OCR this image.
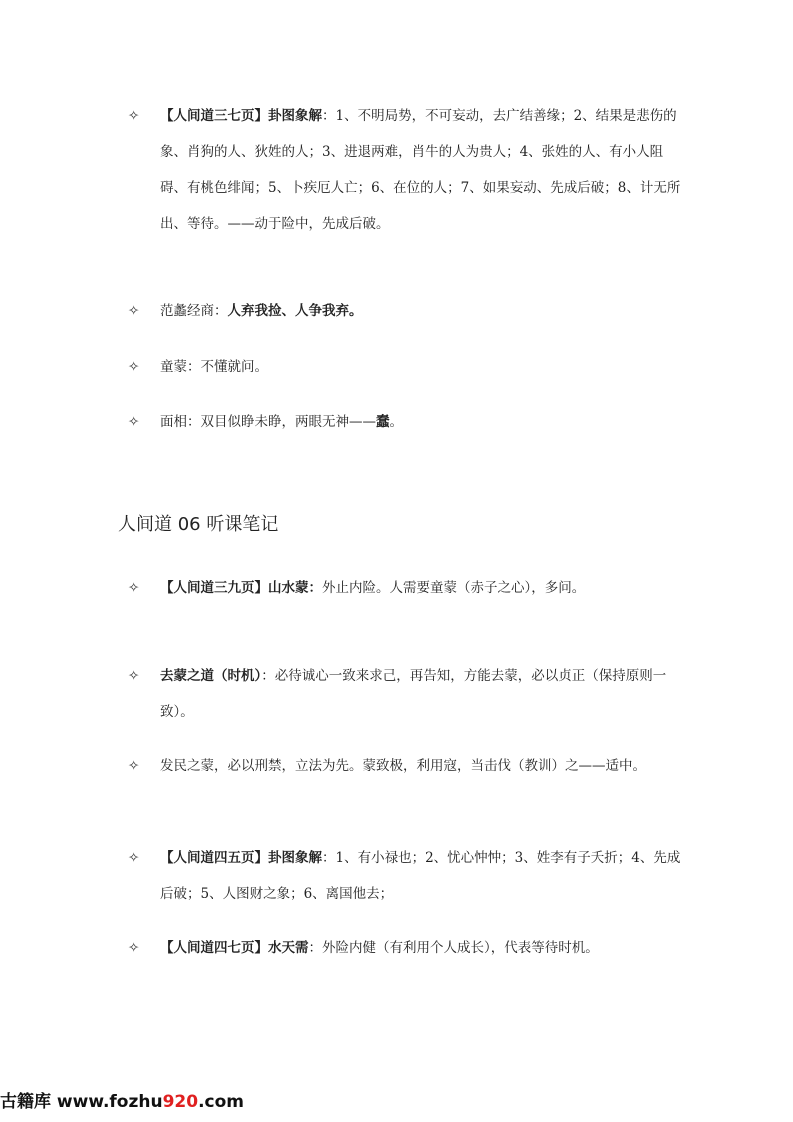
✧	【人间道三七页】卦图象解：1、不明局势，不可妄动，去广结善缘；2、结果是悲伤的象、肖狗的人、狄姓的人；3、进退两难，肖牛的人为贵人；4、张姓的人、有小人阻碍、有桃色绯闻；5、卜疾厄人亡；6、在位的人；7、如果妄动、先成后破；8、计无所出、等待。——动于险中，先成后破。
✧	范蠡经商：人弃我捡、人争我弃。
✧	童蒙：不懂就问。
✧	面相：双目似睁未睁，两眼无神——蠢。
人间道 06 听课笔记
✧	【人间道三九页】山水蒙：外止内险。人需要童蒙（赤子之心），多问。
✧	去蒙之道（时机）：必待诚心一致来求己，再告知，方能去蒙，必以贞正（保持原则一致）。
✧	发民之蒙，必以刑禁，立法为先。蒙致极，利用寇，当击伐（教训）之——适中。
✧	【人间道四五页】卦图象解：1、有小禄也；2、忧心忡忡；3、姓李有子夭折；4、先成后破；5、人图财之象；6、离国他去；
✧	【人间道四七页】水天需：外险内健（有利用个人成长），代表等待时机。
古籍库 www.fozhu920.com
